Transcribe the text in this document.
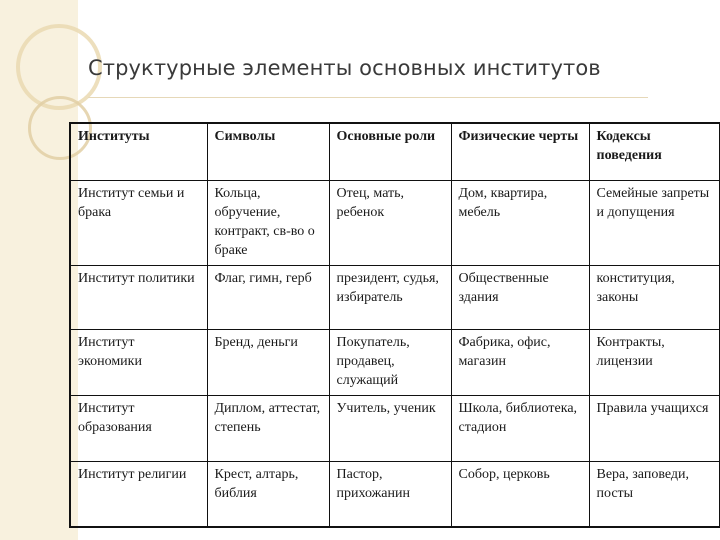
Структурные элементы основных институтов
Институты	Символы	Основные роли	Физические черты	Кодексы поведения
Институт семьи и брака	Кольца, обручение, контракт, св-во о браке	Отец, мать, ребенок	Дом, квартира, мебель	Семейные запреты и допущения
Институт политики	Флаг, гимн, герб	президент, судья, избиратель	Общественные здания	конституция, законы
Институт экономики	Бренд, деньги	Покупатель, продавец, служащий	Фабрика, офис, магазин	Контракты, лицензии
Институт образования	Диплом, аттестат, степень	Учитель, ученик	Школа, библиотека, стадион	Правила учащихся
Институт религии	Крест, алтарь, библия	Пастор, прихожанин	Собор, церковь	Вера, заповеди, посты
